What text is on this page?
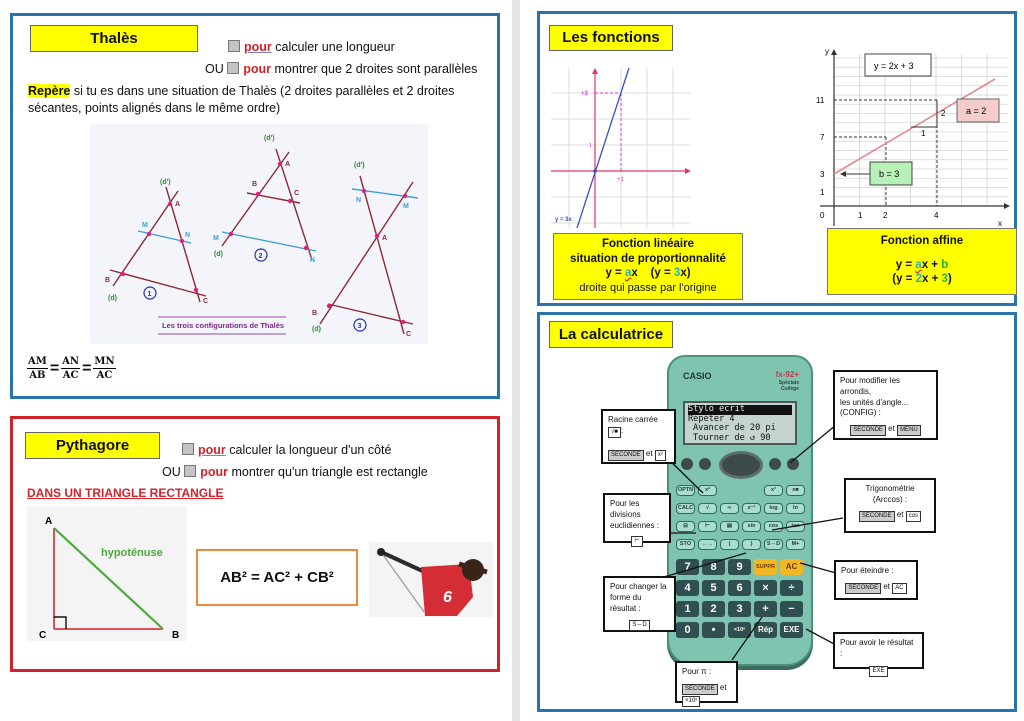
Thalès	pour calculer une longueur
OU pour montrer que 2 droites sont parallèles
Repère si tu es dans une situation de Thalès (2 droites parallèles et 2 droites sécantes, points alignés dans le même ordre)
(d')
A
M
N
B
(d)	C
1
(d')
A
B
C
M
(d)
N
2
(d')
N
M
A
B
(d)
C
3
Les trois configurations de Thalès
$\frac{AM}{AB} = \frac{AN}{AC} = \frac{MN}{AC}$
Pythagore	pour calculer la longueur d'un côté
OU pour montrer qu'un triangle est rectangle
DANS UN TRIANGLE RECTANGLE
A
C	B
hypoténuse
AB² = AC² + CB²
6
Les fonctions
+3
1
+1
y = 3x
Fonction linéaire
situation de proportionnalité
y = ax (y = 3x)
droite qui passe par l'origine
y = 2x + 3
a = 2
b = 3
2
1
y
x
11
7
3
1
0	1	2	4
Fonction affine
y = ax + b
(y = 2x + 3)
La calculatrice
CASIO	fx-92+
Spéciale
Collège
Stylo écrit
Répéter 4
Avancer de 20 pi
Tourner de ↺ 90
OPTN	x²	x³	x■
CALC	√	∞	x⁻¹	log	ln
⊟	⊢	▤	sin	cos	tan
STO	←→	(	)	S⇔D	M+
7	8	9	SUPPR	AC
4	5	6	×	÷
1	2	3	+	−
0	•	×10ˣ	Rép	EXE
Racine carrée √■ :

SECONDE et x²
Pour modifier les arrondis,
les unités d'angle...
(CONFIG) :
SECONDE et MENU
Pour les divisions
euclidiennes :
⊢
Trigonométrie
(Arccos) :
SECONDE et cos
Pour changer la
forme du résultat :
S⇔D
Pour éteindre :
SECONDE et AC
Pour avoir le résultat :
EXE
Pour π :
SECONDE et ×10ˣ
